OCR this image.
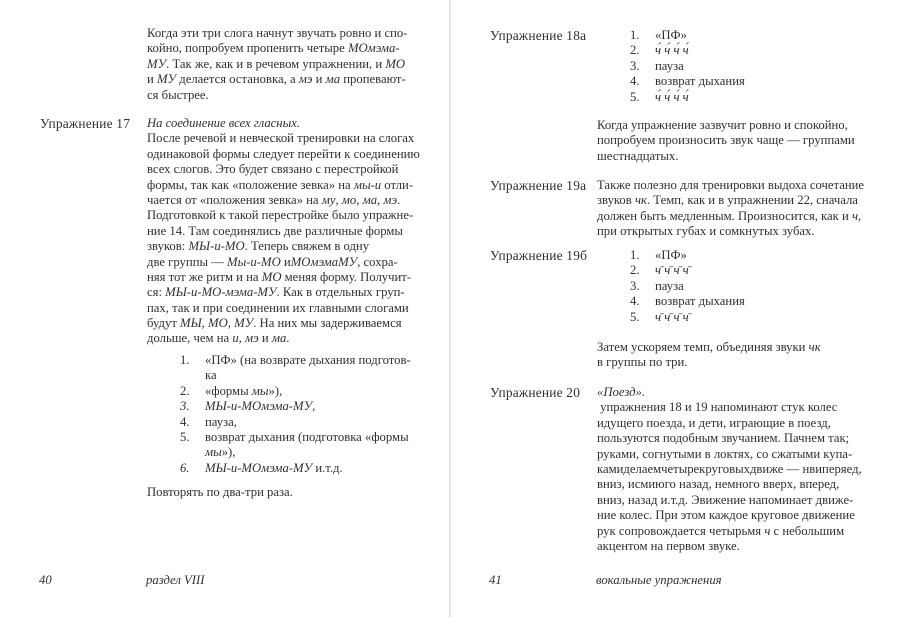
Когда эти три слога начнут звучать ровно и спо-
койно, попробуем пропенить четыре МОмэма-
МУ. Так же, как и в речевом упражнении, и МО
и МУ делается остановка, а мэ и ма пропевают-
ся быстрее.
Упражнение 17 На соединение всех гласных.
После речевой и невческой тренировки на слогах
одинаковой формы следует перейти к соединению
всех слогов. Это будет связано с перестройкой
формы, так как «положение зевка» на мы-и отли-
чается от «положения зевка» на му, мо, ма, мэ.
Подготовкой к такой перестройке было упражне-
ние 14. Там соединялись две различные формы
звуков: МЫ-и-МО. Теперь свяжем в одну
две группы — Мы-и-МО иМОмэмаМУ, сохра-
няя тот же ритм и на МО меняя форму. Получит-
ся: МЫ-и-МО-мэма-МУ. Как в отдельных груп-
пах, так и при соединении их главными слогами
будут МЫ, МО, МУ. На них мы задерживаемся
дольше, чем на и, мэ и ма.
1. «ПФ» (на возврате дыхания подготов-
ка
2. «формы мы»),
3. МЫ-и-МОмэма-МУ,
4. пауза,
5. возврат дыхания (подготовка «формы
мы»),
6. МЫ-и-МОмэма-МУ и.т.д.
Повторять по два-три раза.
40	раздел VIII
Упражнение 18а	1. «ПФ»
2. ч́ ч́ ч́ ч́
3. пауза
4. возврат дыхания
5. ч́ ч́ ч́ ч́
Когда упражнение зазвучит ровно и спокойно,
попробуем произносить звук чаще — группами
шестнадцатых.
Упражнение 19а Также полезно для тренировки выдоха сочетание
звуков чк. Темп, как и в упражнении 22, сначала
должен быть медленным. Произносится, как и ч,
при открытых губах и сомкнутых зубах.
Упражнение 19б	1. «ПФ»
2. ч̄ ч̄ ч̄ ч̄
3. пауза
4. возврат дыхания
5. ч̄ ч̄ ч̄ ч̄
Затем ускоряем темп, объединяя звуки чк
в группы по три.
Упражнение 20 «Поезд».
упражнения 18 и 19 напоминают стук колес
идущего поезда, и дети, играющие в поезд,
пользуются подобным звучанием. Пачнем так;
руками, согнутыми в локтях, со сжатыми купа-
камиделаемчетырекруговыхдвиже — нвиперяед,
вниз, исмиюго назад, немного вверх, вперед,
вниз, назад и.т.д. Эвижение напоминает движе-
ние колес. При этом каждое круговое движение
рук сопровождается четырьмя ч с небольшим
акцентом на первом звуке.
41	вокальные упражнения
